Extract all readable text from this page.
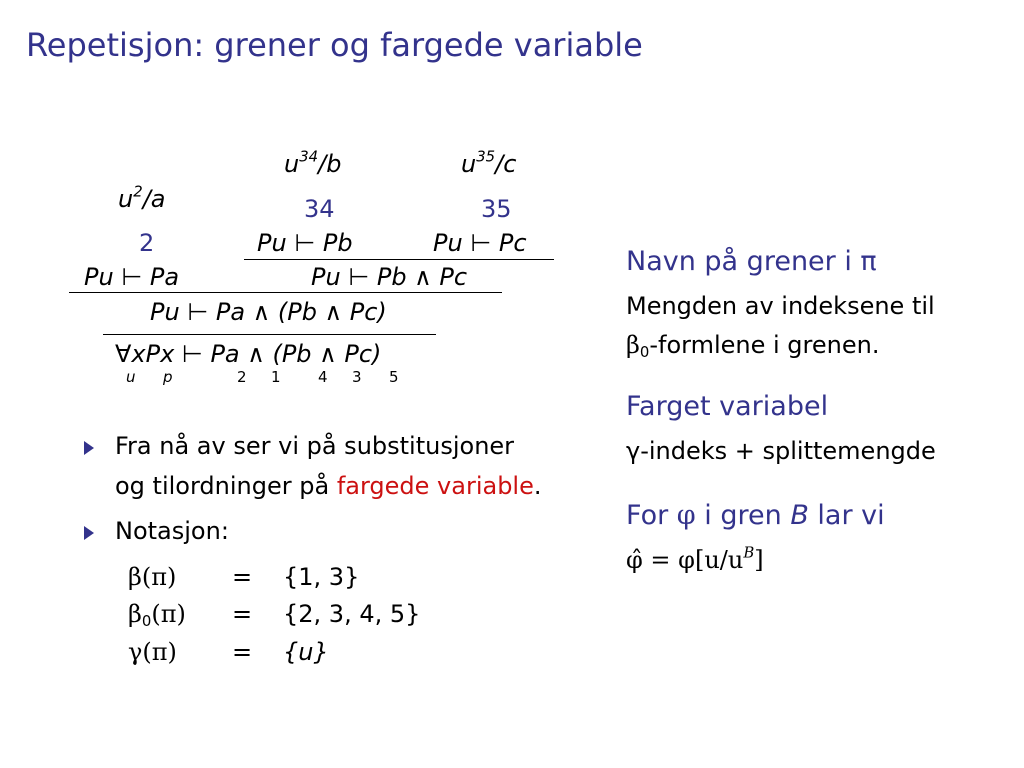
Repetisjon: grener og fargede variable
$u^{34}/b$	$u^{35}/c$
$u^2/a$	34	35
2	Pu ⊢ Pb	Pu ⊢ Pc
Pu ⊢ Pa	Pu ⊢ Pb ∧ Pc
Pu ⊢ Pa ∧ (Pb ∧ Pc)
∀xPx ⊢ Pa ∧ (Pb ∧ Pc)
u p	2 1 4 3 5
Fra nå av ser vi på substitusjoner
og tilordninger på fargede variable.
Notasjon:
β(π) = {1, 3}
$\beta_0(\pi) = \{2$, 3, 4, 5}
γ(π) = {u}
Navn på grener i π
Mengden av indeksene til
$\beta_0$-formlene i grenen.
Farget variabel
γ-indeks + splittemengde
For φ i gren B lar vi
φ̂ = $\varphi[u/u^B]$
